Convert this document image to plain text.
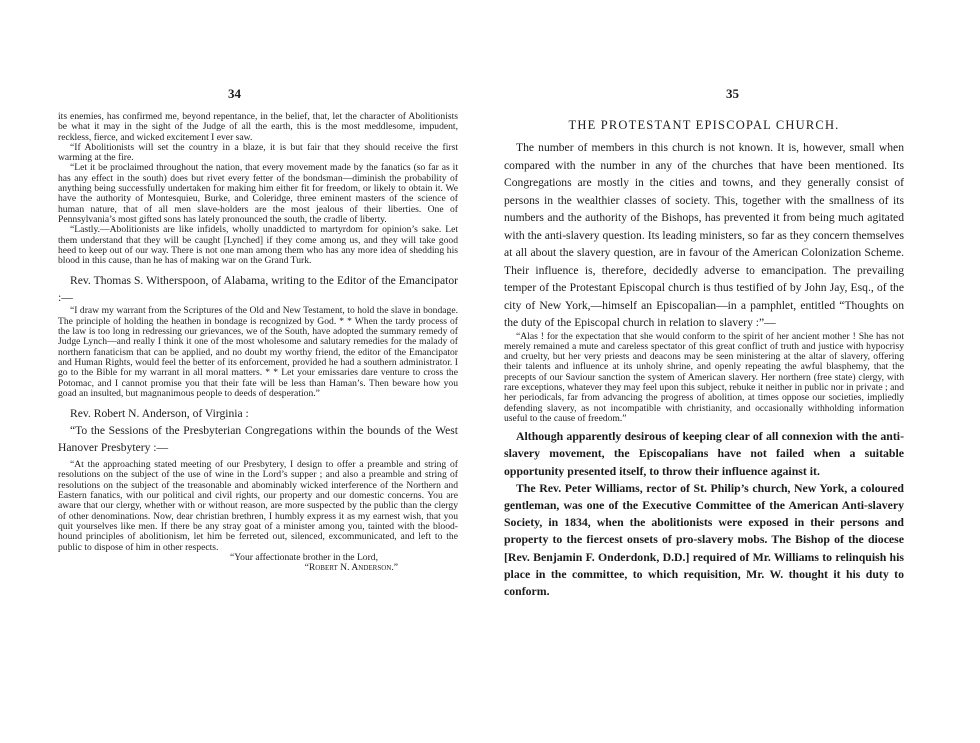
34

its enemies, has confirmed me, beyond repentance, in the belief, that, let the character of Abolitionists be what it may in the sight of the Judge of all the earth, this is the most meddlesome, impudent, reckless, fierce, and wicked excitement I ever saw.

“If Abolitionists will set the country in a blaze, it is but fair that they should receive the first warming at the fire.

“Let it be proclaimed throughout the nation, that every movement made by the fanatics (so far as it has any effect in the south) does but rivet every fetter of the bondsman—diminish the probability of anything being successfully undertaken for making him either fit for freedom, or likely to obtain it. We have the authority of Montesquieu, Burke, and Coleridge, three eminent masters of the science of human nature, that of all men slave-holders are the most jealous of their liberties. One of Pennsylvania’s most gifted sons has lately pronounced the south, the cradle of liberty.

“Lastly.—Abolitionists are like infidels, wholly unaddicted to martyrdom for opinion’s sake. Let them understand that they will be caught [Lynched] if they come among us, and they will take good heed to keep out of our way. There is not one man among them who has any more idea of shedding his blood in this cause, than he has of making war on the Grand Turk.

Rev. Thomas S. Witherspoon, of Alabama, writing to the Editor of the Emancipator :—

“I draw my warrant from the Scriptures of the Old and New Testament, to hold the slave in bondage. The principle of holding the heathen in bondage is recognized by God. * * When the tardy process of the law is too long in redressing our grievances, we of the South, have adopted the summary remedy of Judge Lynch—and really I think it one of the most wholesome and salutary remedies for the malady of northern fanaticism that can be applied, and no doubt my worthy friend, the editor of the Emancipator and Human Rights, would feel the better of its enforcement, provided he had a southern administrator. I go to the Bible for my warrant in all moral matters. * * Let your emissaries dare venture to cross the Potomac, and I cannot promise you that their fate will be less than Haman’s. Then beware how you goad an insulted, but magnanimous people to deeds of desperation.”

Rev. Robert N. Anderson, of Virginia :

“To the Sessions of the Presbyterian Congregations within the bounds of the West Hanover Presbytery :—

“At the approaching stated meeting of our Presbytery, I design to offer a preamble and string of resolutions on the subject of the use of wine in the Lord’s supper ; and also a preamble and string of resolutions on the subject of the treasonable and abominably wicked interference of the Northern and Eastern fanatics, with our political and civil rights, our property and our domestic concerns. You are aware that our clergy, whether with or without reason, are more suspected by the public than the clergy of other denominations. Now, dear christian brethren, I humbly express it as my earnest wish, that you quit yourselves like men. If there be any stray goat of a minister among you, tainted with the blood-hound principles of abolitionism, let him be ferreted out, silenced, excommunicated, and left to the public to dispose of him in other respects.

“Your affectionate brother in the Lord,

“Robert N. Anderson.”

35
THE PROTESTANT EPISCOPAL CHURCH.

The number of members in this church is not known. It is, however, small when compared with the number in any of the churches that have been mentioned. Its Congregations are mostly in the cities and towns, and they generally consist of persons in the wealthier classes of society. This, together with the smallness of its numbers and the authority of the Bishops, has prevented it from being much agitated with the anti-slavery question. Its leading ministers, so far as they concern themselves at all about the slavery question, are in favour of the American Colonization Scheme. Their influence is, therefore, decidedly adverse to emancipation. The prevailing temper of the Protestant Episcopal church is thus testified of by John Jay, Esq., of the city of New York,—himself an Episcopalian—in a pamphlet, entitled “Thoughts on the duty of the Episcopal church in relation to slavery :”—

“Alas ! for the expectation that she would conform to the spirit of her ancient mother ! She has not merely remained a mute and careless spectator of this great conflict of truth and justice with hypocrisy and cruelty, but her very priests and deacons may be seen ministering at the altar of slavery, offering their talents and influence at its unholy shrine, and openly repeating the awful blasphemy, that the precepts of our Saviour sanction the system of American slavery. Her northern (free state) clergy, with rare exceptions, whatever they may feel upon this subject, rebuke it neither in public nor in private ; and her periodicals, far from advancing the progress of abolition, at times oppose our societies, impliedly defending slavery, as not incompatible with christianity, and occasionally withholding information useful to the cause of freedom.”

Although apparently desirous of keeping clear of all connexion with the anti-slavery movement, the Episcopalians have not failed when a suitable opportunity presented itself, to throw their influence against it.

The Rev. Peter Williams, rector of St. Philip’s church, New York, a coloured gentleman, was one of the Executive Committee of the American Anti-slavery Society, in 1834, when the abolitionists were exposed in their persons and property to the fiercest onsets of pro-slavery mobs. The Bishop of the diocese [Rev. Benjamin F. Onderdonk, D.D.] required of Mr. Williams to relinquish his place in the committee, to which requisition, Mr. W. thought it his duty to conform.
